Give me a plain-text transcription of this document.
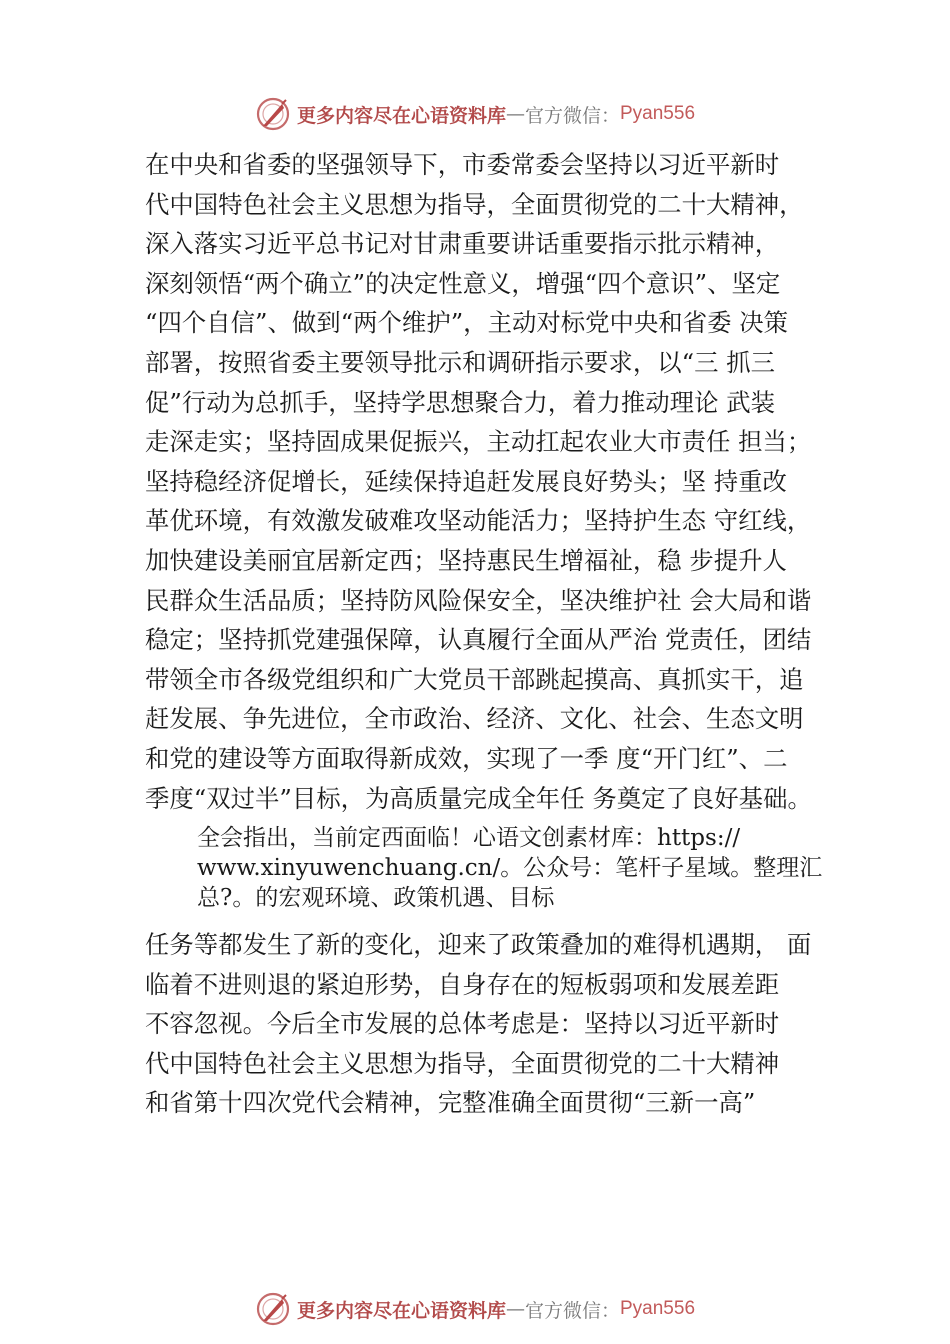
更多内容尽在心语资料库 — 官方微信： Pyan556
在中央和省委的坚强领导下，市委常委会坚持以习近平新时
代中国特色社会主义思想为指导，全面贯彻党的二十大精神，
深入落实习近平总书记对甘肃重要讲话重要指示批示精神，
深刻领悟“两个确立”的决定性意义，增强“四个意识”、坚定
“四个自信”、做到“两个维护”，主动对标党中央和省委 决策
部署，按照省委主要领导批示和调研指示要求，以“三 抓三
促”行动为总抓手，坚持学思想聚合力，着力推动理论 武装
走深走实；坚持固成果促振兴，主动扛起农业大市责任 担当；
坚持稳经济促增长，延续保持追赶发展良好势头；坚 持重改
革优环境，有效激发破难攻坚动能活力；坚持护生态 守红线，
加快建设美丽宜居新定西；坚持惠民生增福祉，稳 步提升人
民群众生活品质；坚持防风险保安全，坚决维护社 会大局和谐
稳定；坚持抓党建强保障，认真履行全面从严治 党责任，团结
带领全市各级党组织和广大党员干部跳起摸高、真抓实干，追
赶发展、争先进位，全市政治、经济、文化、社会、生态文明
和党的建设等方面取得新成效，实现了一季 度“开门红”、二
季度“双过半”目标，为高质量完成全年任 务奠定了良好基础。
全会指出，当前定西面临！心语文创素材库：https://
www.xinyuwenchuang.cn/。公众号：笔杆子星域。整理汇
总?。的宏观环境、政策机遇、目标
任务等都发生了新的变化，迎来了政策叠加的难得机遇期， 面
临着不进则退的紧迫形势，自身存在的短板弱项和发展差距
不容忽视。今后全市发展的总体考虑是：坚持以习近平新时
代中国特色社会主义思想为指导，全面贯彻党的二十大精神
和省第十四次党代会精神，完整准确全面贯彻“三新一高”
更多内容尽在心语资料库 — 官方微信： Pyan556
